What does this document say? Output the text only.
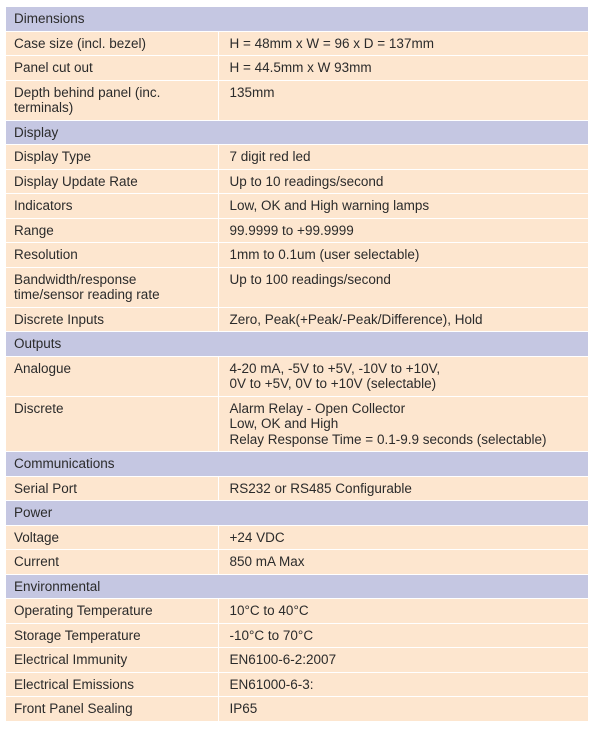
Dimensions	
Case size (incl. bezel)	H = 48mm x W = 96 x D = 137mm

Panel cut out	H = 44.5mm x W 93mm

Depth behind panel (inc. terminals)	135mm

Display	
Display Type	7 digit red led

Display Update Rate	Up to 10 readings/second

Indicators	Low, OK and High warning lamps

Range	99.9999 to +99.9999

Resolution	1mm to 0.1um (user selectable)

Bandwidth/response time/sensor reading rate	Up to 100 readings/second

Discrete Inputs	Zero, Peak(+Peak/-Peak/Difference), Hold

Outputs	
Analogue	4-20 mA, -5V to +5V, -10V to +10V,
0V to +5V, 0V to +10V (selectable)

Discrete	Alarm Relay - Open Collector
Low, OK and High
Relay Response Time = 0.1-9.9 seconds (selectable)

Communications	
Serial Port	RS232 or RS485 Configurable

Power	
Voltage	+24 VDC

Current	850 mA Max

Environmental	
Operating Temperature	10°C to 40°C

Storage Temperature	-10°C to 70°C

Electrical Immunity	EN6100-6-2:2007

Electrical Emissions	EN61000-6-3:

Front Panel Sealing	IP65
